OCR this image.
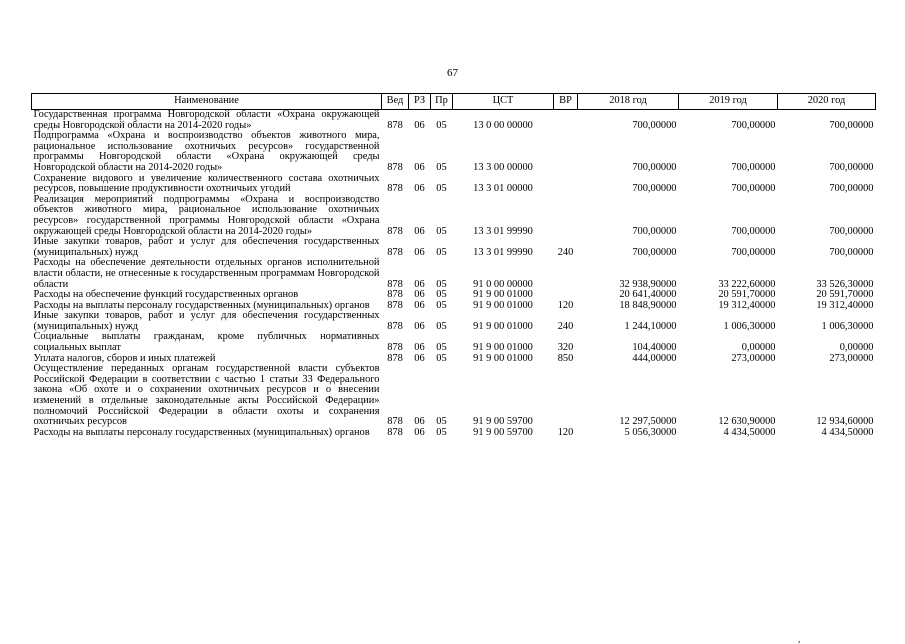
67
Наименование	Вед	РЗ	Пр	ЦСТ	ВР	2018 год	2019 год	2020 год
Государственная программа Новгородской области «Охрана окружающей среды Новгородской области на 2014-2020 годы»	878	06	05	13 0 00 00000		700,00000	700,00000	700,00000
Подпрограмма «Охрана и воспроизводство объектов животного мира, рациональное использование охотничьих ресурсов» государственной программы Новгородской области «Охрана окружающей среды Новгородской области на 2014-2020 годы»	878	06	05	13 3 00 00000		700,00000	700,00000	700,00000
Сохранение видового и увеличение количественного состава охотничьих ресурсов, повышение продуктивности охотничьих угодий	878	06	05	13 3 01 00000		700,00000	700,00000	700,00000
Реализация мероприятий подпрограммы «Охрана и воспроизводство объектов животного мира, рациональное использование охотничьих ресурсов» государственной программы Новгородской области «Охрана окружающей среды Новгородской области на 2014-2020 годы»	878	06	05	13 3 01 99990		700,00000	700,00000	700,00000
Иные закупки товаров, работ и услуг для обеспечения государственных (муниципальных) нужд	878	06	05	13 3 01 99990	240	700,00000	700,00000	700,00000
Расходы на обеспечение деятельности отдельных органов исполнительной власти области, не отнесенные к государственным программам Новгородской области	878	06	05	91 0 00 00000		32 938,90000	33 222,60000	33 526,30000
Расходы на обеспечение функций государственных органов	878	06	05	91 9 00 01000		20 641,40000	20 591,70000	20 591,70000
Расходы на выплаты персоналу государственных (муниципальных) органов	878	06	05	91 9 00 01000	120	18 848,90000	19 312,40000	19 312,40000
Иные закупки товаров, работ и услуг для обеспечения государственных (муниципальных) нужд	878	06	05	91 9 00 01000	240	1 244,10000	1 006,30000	1 006,30000
Социальные выплаты гражданам, кроме публичных нормативных социальных выплат	878	06	05	91 9 00 01000	320	104,40000	0,00000	0,00000
Уплата налогов, сборов и иных платежей	878	06	05	91 9 00 01000	850	444,00000	273,00000	273,00000
Осуществление переданных органам государственной власти субъектов Российской Федерации в соответствии с частью 1 статьи 33 Федерального закона «Об охоте и о сохранении охотничьих ресурсов и о внесении изменений в отдельные законодательные акты Российской Федерации» полномочий Российской Федерации в области охоты и сохранения охотничьих ресурсов	878	06	05	91 9 00 59700		12 297,50000	12 630,90000	12 934,60000
Расходы на выплаты персоналу государственных (муниципальных) органов	878	06	05	91 9 00 59700	120	5 056,30000	4 434,50000	4 434,50000
,
